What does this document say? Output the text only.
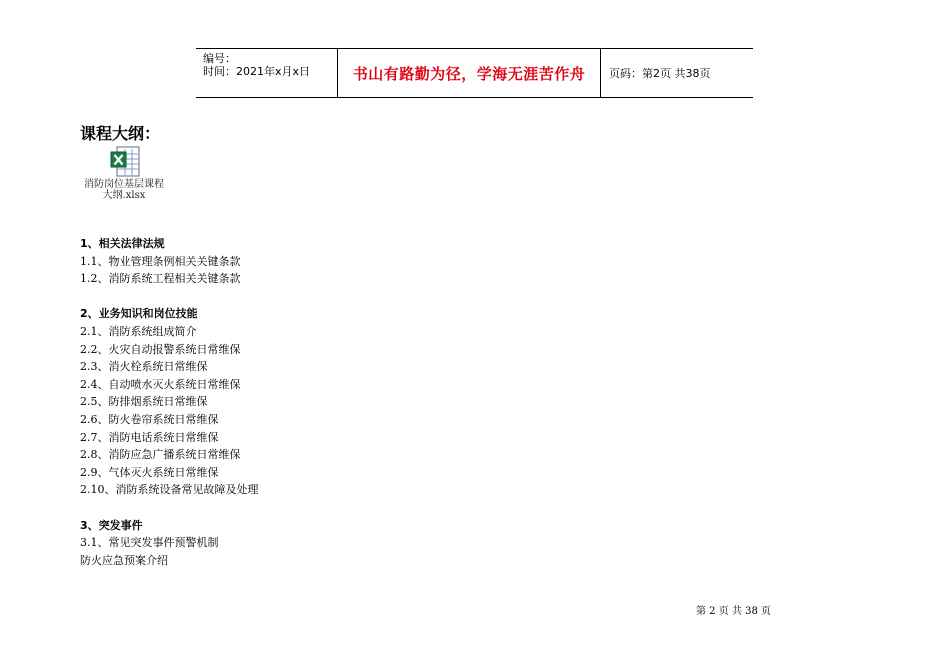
编号：
时间：2021年x月x日	书山有路勤为径，学海无涯苦作舟	页码：第2页 共38页
课程大纲：
消防岗位基层课程大纲.xlsx
1、相关法律法规
1.1、物业管理条例相关关键条款
1.2、消防系统工程相关关键条款
2、业务知识和岗位技能
2.1、消防系统组成简介
2.2、火灾自动报警系统日常维保
2.3、消火栓系统日常维保
2.4、自动喷水灭火系统日常维保
2.5、防排烟系统日常维保
2.6、防火卷帘系统日常维保
2.7、消防电话系统日常维保
2.8、消防应急广播系统日常维保
2.9、气体灭火系统日常维保
2.10、消防系统设备常见故障及处理
3、突发事件
3.1、常见突发事件预警机制
防火应急预案介绍
第 2 页 共 38 页
